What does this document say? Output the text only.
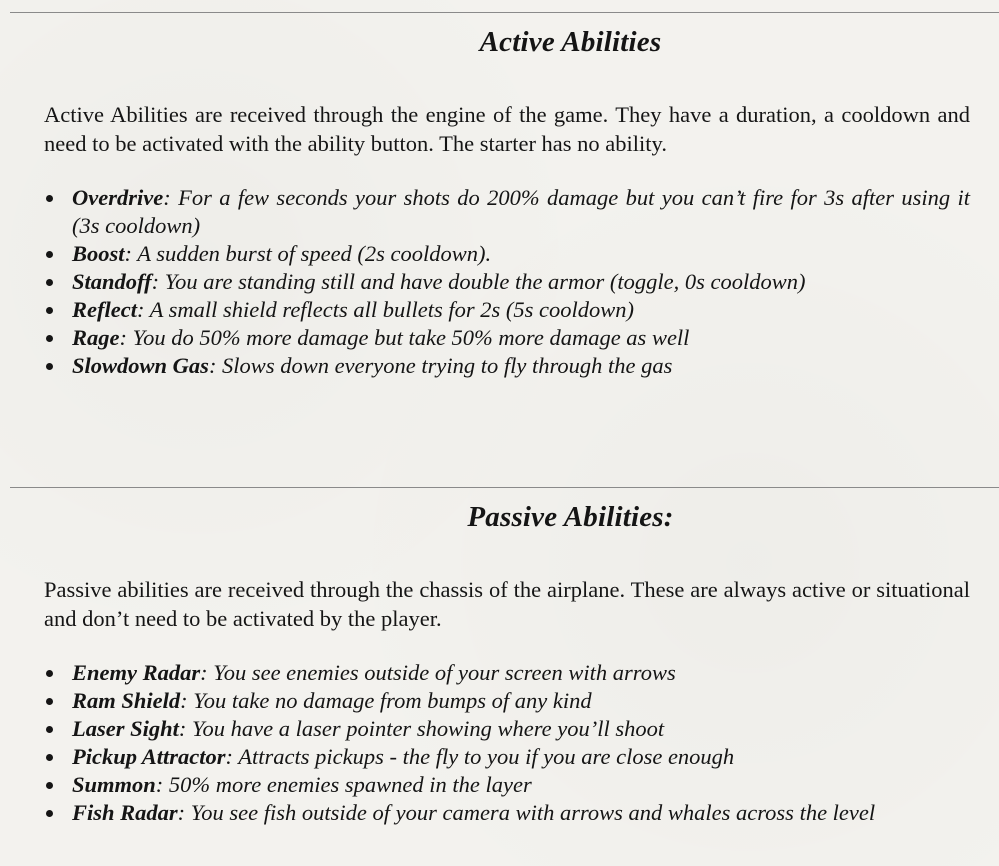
Active Abilities

Active Abilities are received through the engine of the game. They have a duration, a cooldown and need to be activated with the ability button. The starter has no ability.

Overdrive: For a few seconds your shots do 200% damage but you can’t fire for 3s after using it (3s cooldown)
Boost: A sudden burst of speed (2s cooldown).
Standoff: You are standing still and have double the armor (toggle, 0s cooldown)
Reflect: A small shield reflects all bullets for 2s (5s cooldown)
Rage: You do 50% more damage but take 50% more damage as well
Slowdown Gas: Slows down everyone trying to fly through the gas
Passive Abilities:

Passive abilities are received through the chassis of the airplane. These are always active or situational and don’t need to be activated by the player.

Enemy Radar: You see enemies outside of your screen with arrows
Ram Shield: You take no damage from bumps of any kind
Laser Sight: You have a laser pointer showing where you’ll shoot
Pickup Attractor: Attracts pickups - the fly to you if you are close enough
Summon: 50% more enemies spawned in the layer
Fish Radar: You see fish outside of your camera with arrows and whales across the level
